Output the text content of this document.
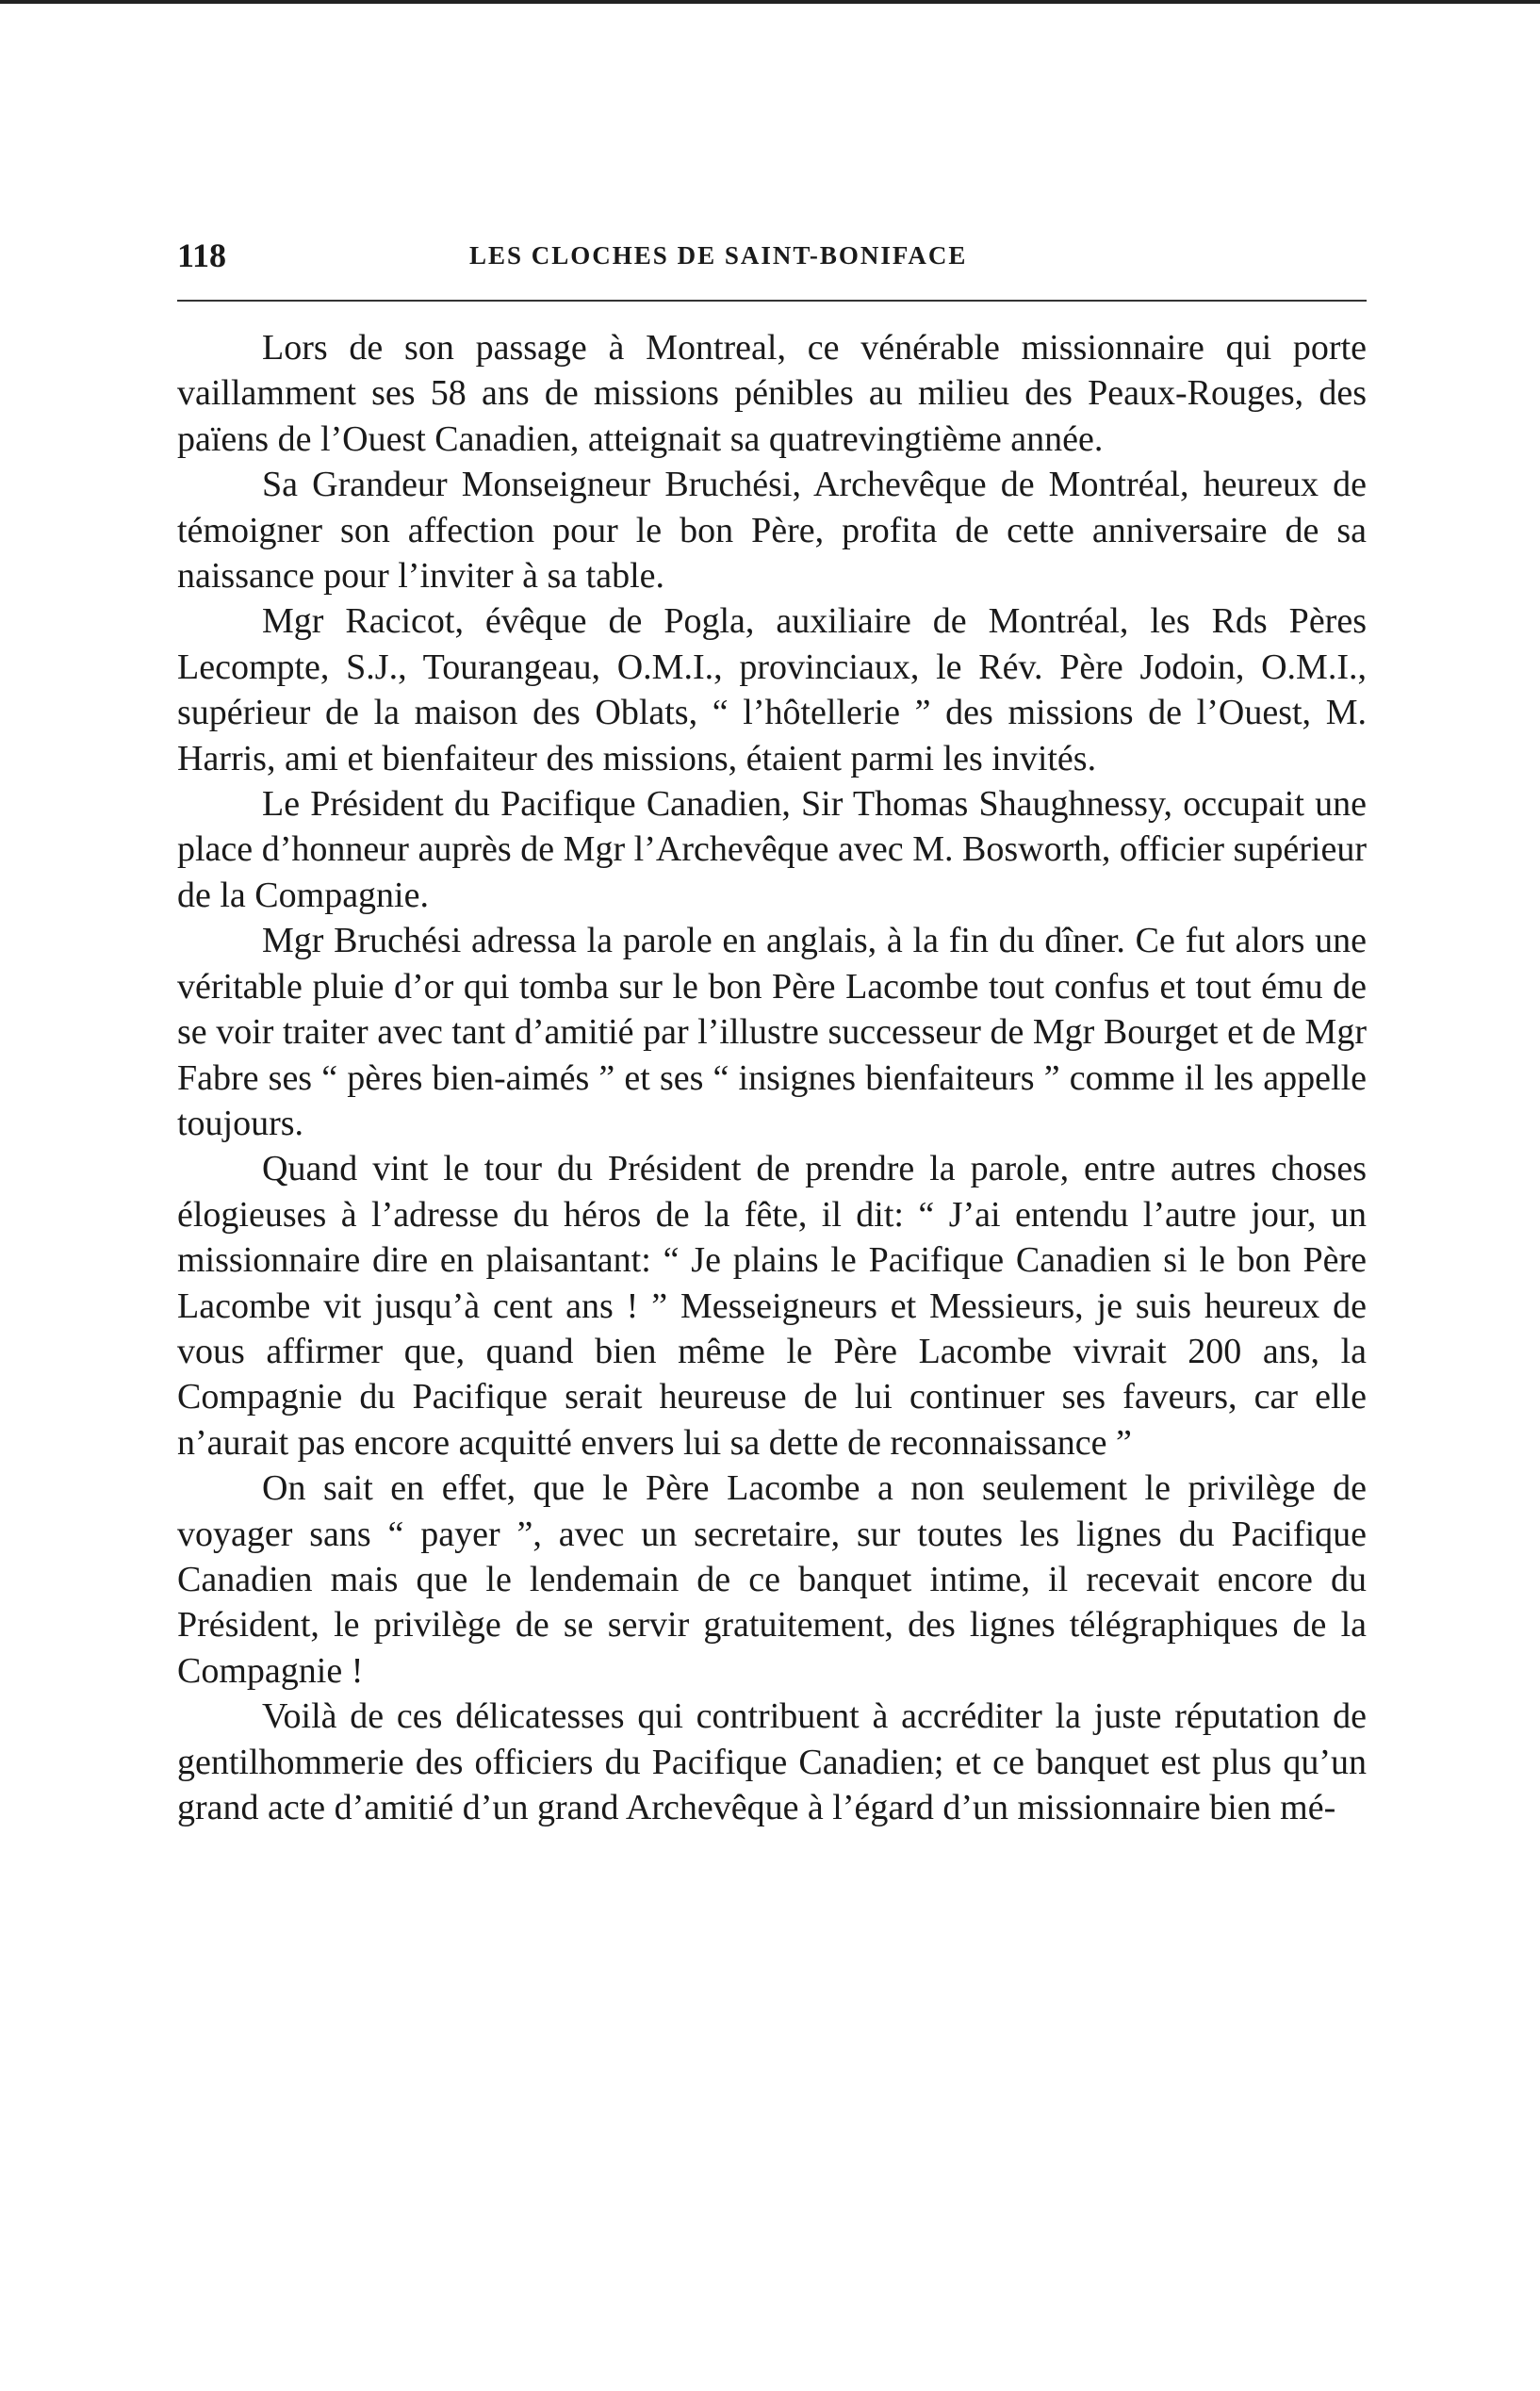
118	LES CLOCHES DE SAINT-BONIFACE

Lors de son passage à Montreal, ce vénérable missionnaire qui porte vaillamment ses 58 ans de missions pénibles au milieu des Peaux-Rouges, des païens de l’Ouest Canadien, atteignait sa quatrevingtième année.

Sa Grandeur Monseigneur Bruchési, Archevêque de Montréal, heureux de témoigner son affection pour le bon Père, profita de cette anniversaire de sa naissance pour l’inviter à sa table.

Mgr Racicot, évêque de Pogla, auxiliaire de Montréal, les Rds Pères Lecompte, S.J., Tourangeau, O.M.I., provinciaux, le Rév. Père Jodoin, O.M.I., supérieur de la maison des Oblats, “ l’hôtellerie ” des missions de l’Ouest, M. Harris, ami et bienfaiteur des missions, étaient parmi les invités.

Le Président du Pacifique Canadien, Sir Thomas Shaughnessy, occupait une place d’honneur auprès de Mgr l’Archevêque avec M. Bosworth, officier supérieur de la Compagnie.

Mgr Bruchési adressa la parole en anglais, à la fin du dîner. Ce fut alors une véritable pluie d’or qui tomba sur le bon Père Lacombe tout confus et tout ému de se voir traiter avec tant d’amitié par l’illustre successeur de Mgr Bourget et de Mgr Fabre ses “ pères bien-aimés ” et ses “ insignes bienfaiteurs ” comme il les appelle toujours.

Quand vint le tour du Président de prendre la parole, entre autres choses élogieuses à l’adresse du héros de la fête, il dit: “ J’ai entendu l’autre jour, un missionnaire dire en plaisantant: “ Je plains le Pacifique Canadien si le bon Père Lacombe vit jusqu’à cent ans ! ” Messeigneurs et Messieurs, je suis heureux de vous affirmer que, quand bien même le Père Lacombe vivrait 200 ans, la Compagnie du Pacifique serait heureuse de lui continuer ses faveurs, car elle n’aurait pas encore acquitté envers lui sa dette de reconnaissance ”

On sait en effet, que le Père Lacombe a non seulement le privilège de voyager sans “ payer ”, avec un secretaire, sur toutes les lignes du Pacifique Canadien mais que le lendemain de ce banquet intime, il recevait encore du Président, le privilège de se servir gratuitement, des lignes télégraphiques de la Compagnie !

Voilà de ces délicatesses qui contribuent à accréditer la juste réputation de gentilhommerie des officiers du Pacifique Canadien; et ce banquet est plus qu’un grand acte d’amitié d’un grand Archevêque à l’égard d’un missionnaire bien mé-
